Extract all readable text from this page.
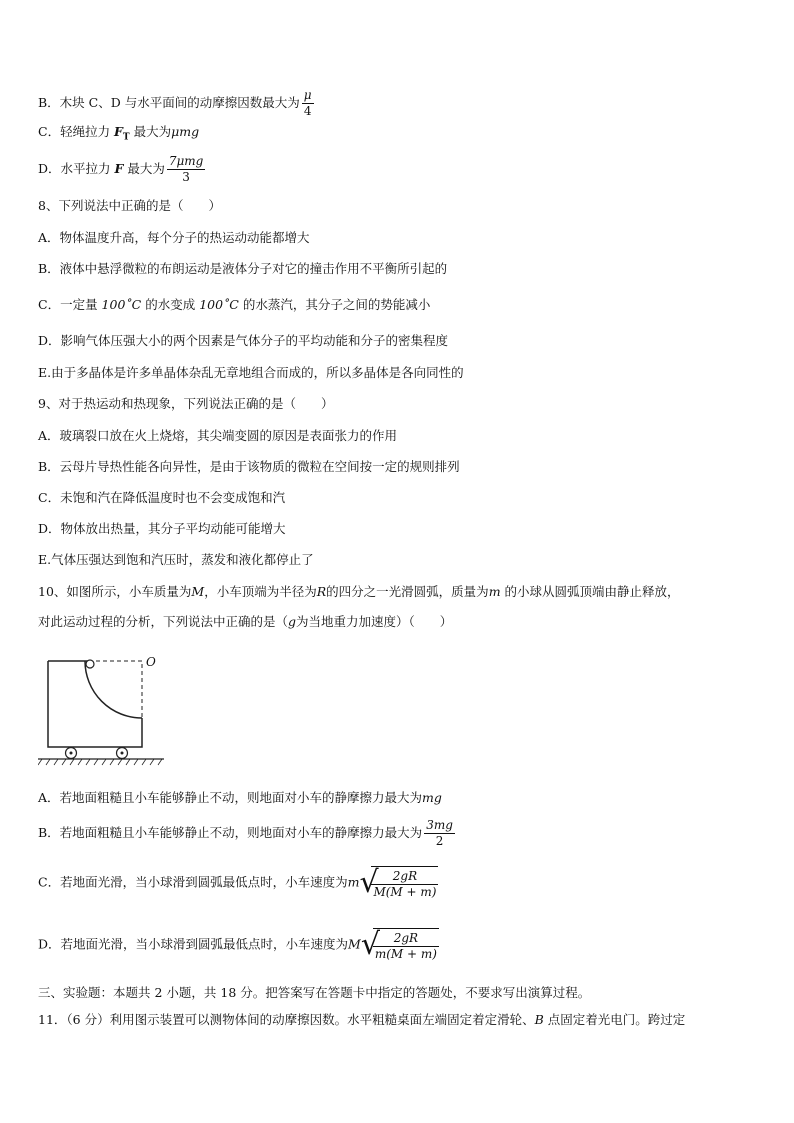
B．木块 C、D 与水平面间的动摩擦因数最大为 $\frac{\mu}{4}$
C．轻绳拉力 $F_T$ 最大为μmg
D．水平拉力 F 最大为 $\frac{\text{7μmg}}{3}$
8、下列说法中正确的是（　　）
A．物体温度升高，每个分子的热运动动能都增大
B．液体中悬浮微粒的布朗运动是液体分子对它的撞击作用不平衡所引起的
C．一定量 100˚C 的水变成 100˚C 的水蒸汽，其分子之间的势能减小
D．影响气体压强大小的两个因素是气体分子的平均动能和分子的密集程度
E.由于多晶体是许多单晶体杂乱无章地组合而成的，所以多晶体是各向同性的
9、对于热运动和热现象，下列说法正确的是（　　）
A．玻璃裂口放在火上烧熔，其尖端变圆的原因是表面张力的作用
B．云母片导热性能各向异性，是由于该物质的微粒在空间按一定的规则排列
C．未饱和汽在降低温度时也不会变成饱和汽
D．物体放出热量，其分子平均动能可能增大
E.气体压强达到饱和汽压时，蒸发和液化都停止了
10、如图所示，小车质量为M，小车顶端为半径为R的四分之一光滑圆弧，质量为m 的小球从圆弧顶端由静止释放，
对此运动过程的分析，下列说法中正确的是（g为当地重力加速度）（　　）
O
A．若地面粗糙且小车能够静止不动，则地面对小车的静摩擦力最大为mg
B．若地面粗糙且小车能够静止不动，则地面对小车的静摩擦力最大为 $\frac{3mg}{2}$
C．若地面光滑，当小球滑到圆弧最低点时，小车速度为m √
$\frac{2gR}{M(M + m)}$
D．若地面光滑，当小球滑到圆弧最低点时，小车速度为M √
$\frac{2gR}{m(M + m)}$
三、实验题：本题共 2 小题，共 18 分。把答案写在答题卡中指定的答题处，不要求写出演算过程。
11．（6 分）利用图示装置可以测物体间的动摩擦因数。水平粗糙桌面左端固定着定滑轮、B 点固定着光电门。跨过定
